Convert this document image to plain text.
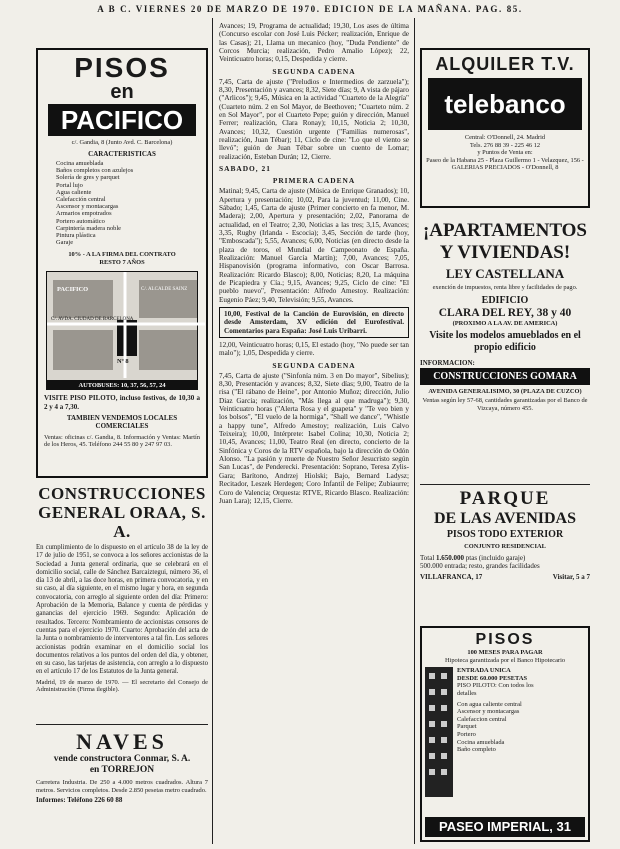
A B C. VIERNES 20 DE MARZO DE 1970. EDICION DE LA MAÑANA. PAG. 85.
PISOS
en
PACIFICO
c/. Gandia, 8 (Junto Avd. C. Barcelona)
CARACTERISTICAS
Cocina amueblada
Baños completos con azulejos
Solería de gres y parquet
Portal lujo
Agua caliente
Calefacción central
Ascensor y montacargas
Armarios empotrados
Portero automático
Carpintería madera noble
Pintura plástica
Garaje
10% - A LA FIRMA DEL CONTRATO
RESTO 7 AÑOS
PACIFICO
C/. AVDA. CIUDAD DE BARCELONA
C/. ALCALDE SAINZ
Nº 8
AUTOBUSES: 10, 37, 56, 57, 24
VISITE PISO PILOTO, incluso festivos, de 10,30 a 2 y 4 a 7,30.
TAMBIEN VENDEMOS LOCALES COMERCIALES
Ventas: oficinas c/. Gandia, 8. Información y Ventas: Martín de los Heros, 45. Teléfono 244 55 80 y 247 97 03.
CONSTRUCCIONES GENERAL ORAA, S. A.

En cumplimiento de lo dispuesto en el artículo 38 de la ley de 17 de julio de 1951, se convoca a los señores accionistas de la Sociedad a Junta general ordinaria, que se celebrará en el domicilio social, calle de Sánchez Barcaiztegui, número 36, el día 13 de abril, a las doce horas, en primera convocatoria, y en su caso, al día siguiente, en el mismo lugar y hora, en segunda convocatoria, con arreglo al siguiente orden del día: Primero: Aprobación de la Memoria, Balance y cuenta de pérdidas y ganancias del ejercicio 1969. Segundo: Aplicación de resultados. Tercero: Nombramiento de accionistas censores de cuentas para el ejercicio 1970. Cuarto: Aprobación del acta de la Junta o nombramiento de interventores a tal fin. Los señores accionistas podrán examinar en el domicilio social los documentos relativos a los puntos del orden del día, y obtener, en su caso, las tarjetas de asistencia, con arreglo a lo dispuesto en el artículo 17 de los Estatutos de la Junta general.

Madrid, 19 de marzo de 1970. — El secretario del Consejo de Administración (Firma ilegible).

NAVES
vende constructora Conmar, S. A.
en TORREJON
Carretera Industria. De 250 a 4.000 metros cuadrados. Altura 7 metros. Servicios completos. Desde 2.850 pesetas metro cuadrado.
Informes: Teléfono 226 60 88

Avances; 19, Programa de actualidad; 19,30, Los ases de última (Concurso escolar con José Luis Pécker; realización, Enrique de las Casas); 21, Llama un mecanico (hoy, "Duda Pendiente" de Corcos Murcia; realización, Pedro Amalio López); 22, Veinticuatro horas; 0,15, Despedida y cierre.

SEGUNDA CADENA

7,45, Carta de ajuste ("Preludios e Intermedios de zarzuela"); 8,30, Presentación y avances; 8,32, Siete días; 9, A vista de pájaro ("Arlicos"); 9,45, Música en la actividad "Cuarteto de la Alegría" (Cuarteto núm. 2 en Sol Mayor, de Beethoven; "Cuarteto núm. 2 en Sol Mayor", por el Cuarteto Pepe; guión y dirección, Manuel Ferrer; realización, Clara Ronay); 10,15, Noticia 2; 10,30, Avances; 10,32, Cuestión urgente ("Familias numerosas", realización, Juan Tébar); 11, Ciclo de cine: "Lo que el viento se llevó"; guión de Juan Tébar sobre un cuento de Lomar; realización, Esteban Durán; 12, Cierre.

SABADO, 21
PRIMERA CADENA

Matinal; 9,45, Carta de ajuste (Música de Enrique Granados); 10, Apertura y presentación; 10,02, Para la juventud; 11,00, Cine. Sábado; 1,45, Carta de ajuste (Primer concierto en fa menor, M. Madera); 2,00, Apertura y presentación; 2,02, Panorama de actualidad, en el Teatro; 2,30, Noticias a las tres; 3,15, Avances; 3,35, Rugby (Irlanda - Escocia); 3,45, Sección de tarde (hoy, "Emboscada"); 5,55, Avances; 6,00, Noticias (en directo desde la plaza de toros, el Mundial de Campeonato de España. Realización: Manuel García Martín); 7,00, Avances; 7,05, Hispanovisión (programa informativo, con Oscar Barrosa. Realización: Ricardo Blasco); 8,00, Noticias; 8,20, La máquina de Picapiedra y Cía.; 9,15, Avances; 9,25, Ciclo de cine: "El pueblo nuevo", Presentación: Alfredo Amestoy. Realización: Eugenio Páez; 9,40, Televisión; 9,55, Avances.

10,00, Festival de la Canción de Eurovisión, en directo desde Amsterdam, XV edición del Eurofestival. Comentarios para España: José Luis Uribarri.

12,00, Veinticuatro horas; 0,15, El estado (hoy, "No puede ser tan malo"); 1,05, Despedida y cierre.

SEGUNDA CADENA

7,45, Carta de ajuste ("Sinfonía núm. 3 en Do mayor", Sibelius); 8,30, Presentación y avances; 8,32, Siete días; 9,00, Teatro de la risa ("El rábano de Heine", por Antonio Muñoz; dirección, Julio Diaz Garcia; realización, "Más llega al que madruga"); 9,30, Veinticuatro horas ("Alerta Rosa y el guapeta" y "Te veo bien y los bolsos", "El vuelo de la hormiga", "Shall we dance", "Whistle a happy tune", Alfredo Amestoy; realización, Luis Calvo Teixeira); 10,00, Intérprete: Isabel Colina; 10,30, Noticia 2; 10,45, Avances; 11,00, Teatro Real (en directo, concierto de la Sinfónica y Coros de la RTV española, bajo la dirección de Odón Alonso. "La pasión y muerte de Nuestro Señor Jesucristo según San Lucas", de Penderecki. Presentación: Soprano, Teresa Zylis-Gara; Barítono, Andrzej Hiolski; Bajo, Bernard Ladysz; Recitador, Leszek Herdegen; Coro Infantil de Felipe; Zubiaurre; Coro de Valencia; Orquesta: RTVE, Ricardo Blasco. Realización: Juan Lara); 12,15, Cierre.

ALQUILER T.V.
telebanco
Central: O'Donnell, 24. Madrid
Tels. 276 88 39 - 225 46 12
y Puntos de Venta en:
Paseo de la Habana 25 - Plaza Guillermo 1 - Velazquez, 156 - GALERIAS PRECIADOS - O'Donnell, 8
¡APARTAMENTOS
Y VIVIENDAS!
LEY CASTELLANA
exención de impuestos, renta libre y facilidades de pago.
EDIFICIO
CLARA DEL REY, 38 y 40
(PROXIMO A LA AV. DE AMERICA)
Visite los modelos amueblados en el propio edificio
INFORMACION:
CONSTRUCCIONES GOMARA
AVENIDA GENERALISIMO, 30 (PLAZA DE CUZCO)
Ventas según ley 57-68, cantidades garantizadas por el Banco de Vizcaya, número 455.
PARQUE
DE LAS AVENIDAS
PISOS TODO EXTERIOR
CONJUNTO RESIDENCIAL
Total 1.650.000 ptas (incluido garaje)
500.000 entrada; resto, grandes facilidades
VILLAFRANCA, 17	Visitar, 5 a 7
PISOS
100 MESES PARA PAGAR
Hipoteca garantizada por el Banco Hipotecario
ENTRADA UNICA
DESDE 60.000 PESETAS
PISO PILOTO: Con todos los
detalles
Con agua caliente central
Ascensor y montacargas
Calefaccion central
Parquet
Portero
Cocina amueblada
Baño completo
PASEO IMPERIAL, 31
